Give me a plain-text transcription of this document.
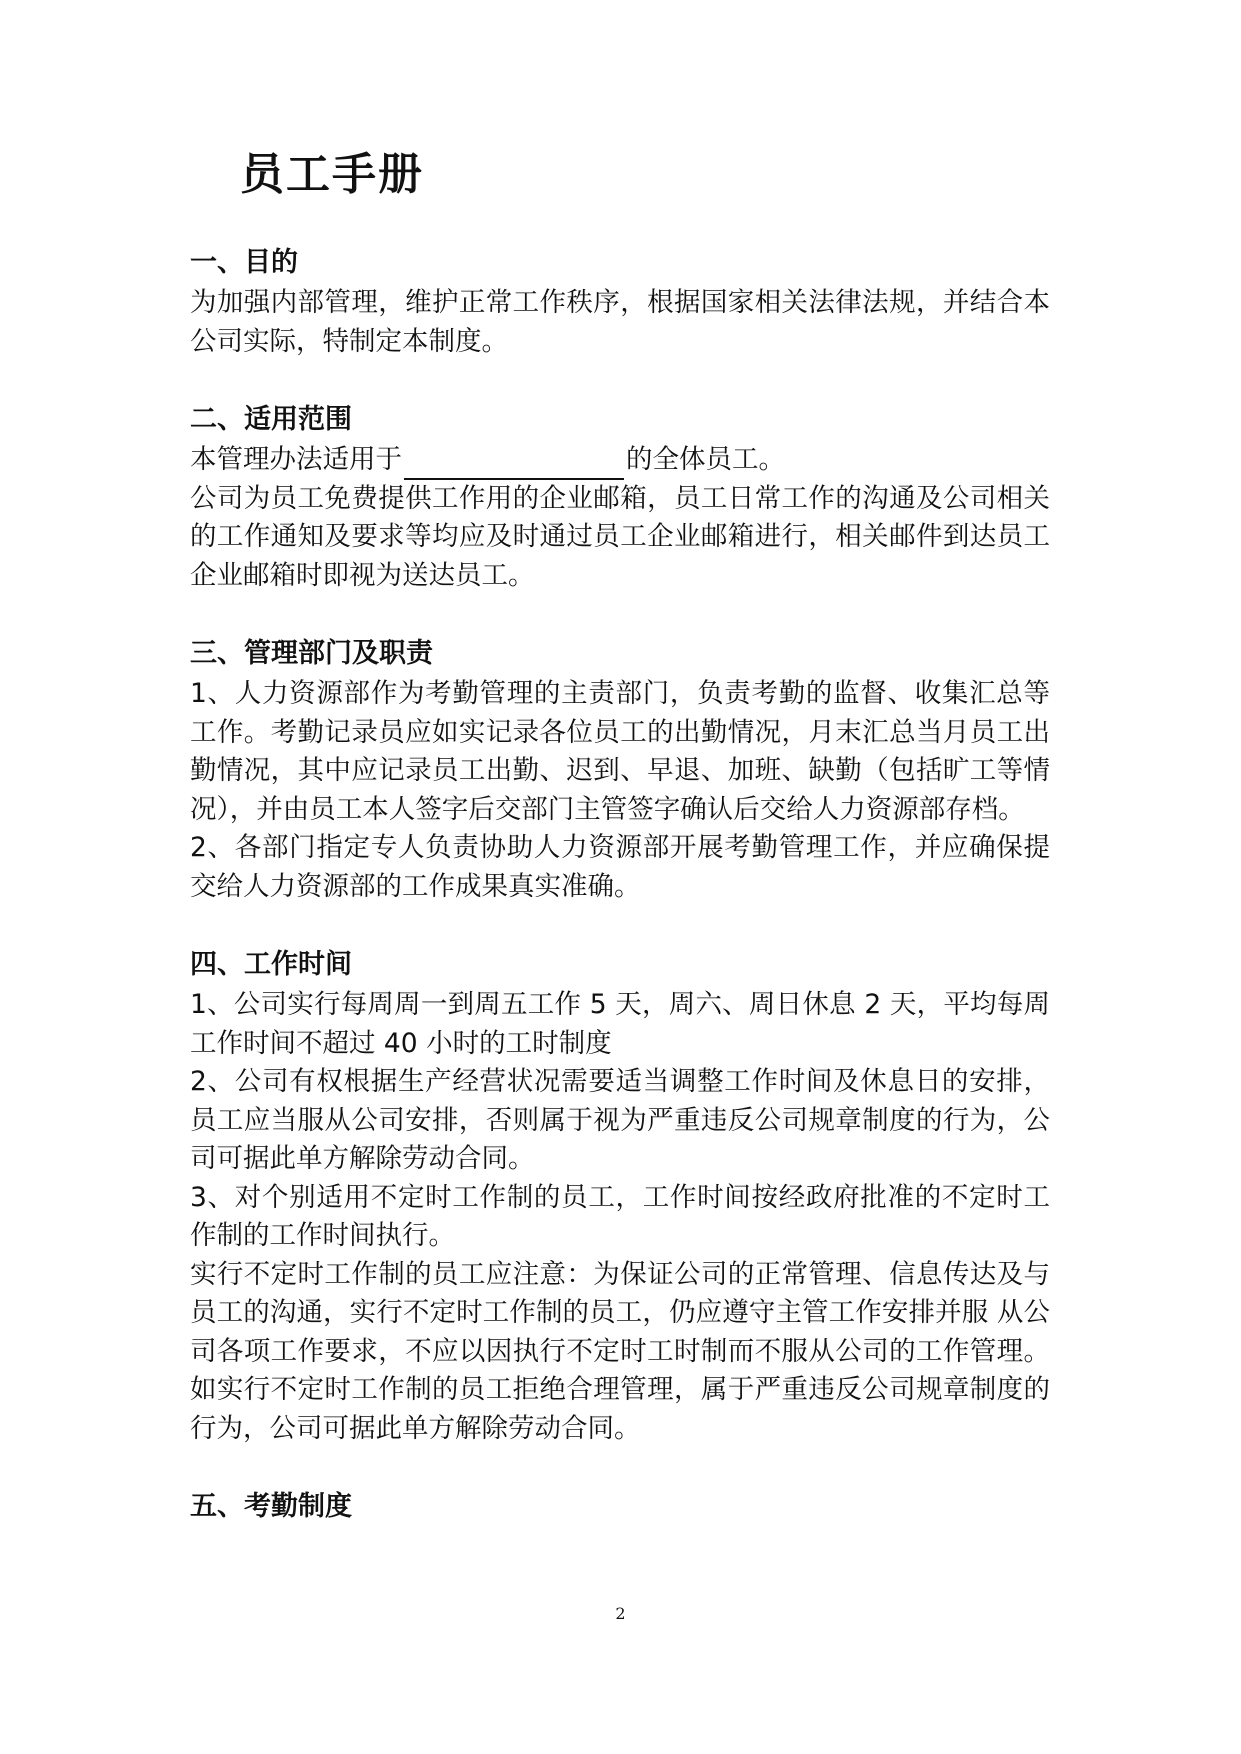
员工手册

一、目的

为加强内部管理，维护正常工作秩序，根据国家相关法律法规，并结合本公司实际，特制定本制度。

二、适用范围

本管理办法适用于	的全体员工。

公司为员工免费提供工作用的企业邮箱，员工日常工作的沟通及公司相关的工作通知及要求等均应及时通过员工企业邮箱进行，相关邮件到达员工企业邮箱时即视为送达员工。

三、管理部门及职责

1、人力资源部作为考勤管理的主责部门，负责考勤的监督、收集汇总等工作。考勤记录员应如实记录各位员工的出勤情况，月末汇总当月员工出勤情况，其中应记录员工出勤、迟到、早退、加班、缺勤（包括旷工等情况），并由员工本人签字后交部门主管签字确认后交给人力资源部存档。

2、各部门指定专人负责协助人力资源部开展考勤管理工作，并应确保提交给人力资源部的工作成果真实准确。

四、工作时间

1、公司实行每周周一到周五工作 5 天，周六、周日休息 2 天，平均每周工作时间不超过 40 小时的工时制度

2、公司有权根据生产经营状况需要适当调整工作时间及休息日的安排，员工应当服从公司安排，否则属于视为严重违反公司规章制度的行为，公司可据此单方解除劳动合同。

3、对个别适用不定时工作制的员工，工作时间按经政府批准的不定时工作制的工作时间执行。

实行不定时工作制的员工应注意：为保证公司的正常管理、信息传达及与员工的沟通，实行不定时工作制的员工，仍应遵守主管工作安排并服 从公司各项工作要求，不应以因执行不定时工时制而不服从公司的工作管理。如实行不定时工作制的员工拒绝合理管理，属于严重违反公司规章制度的行为，公司可据此单方解除劳动合同。

五、考勤制度

2
